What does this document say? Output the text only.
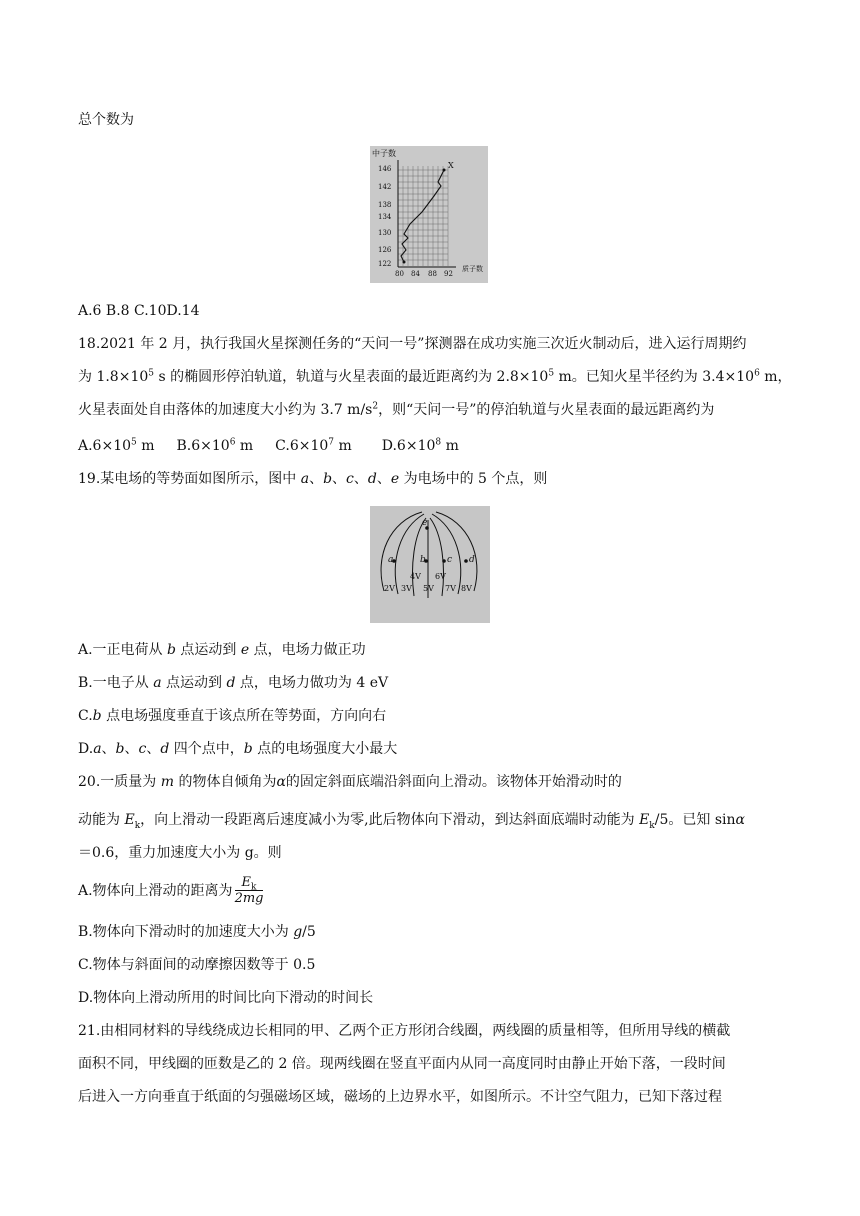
总个数为
中子数
质子数
X
146
142
138
134
130
126
122
80 84 88 92
A.6 B.8 C.10D.14
18.2021 年 2 月，执行我国火星探测任务的“天问一号”探测器在成功实施三次近火制动后，进入运行周期约
为 $1.8\times 10^5$ s 的椭圆形停泊轨道，轨道与火星表面的最近距离约为 $2.8\times 10^5$ m。已知火星半径约为 $3.4\times 10^6$ m，
火星表面处自由落体的加速度大小约为 3.7 $m/s^2$，则“天问一号”的停泊轨道与火星表面的最远距离约为
$A.6\times 10^5$ m $B.6\times 10^6$ m $C.6\times 10^7$ m $D.6\times 10^8$ m
19.某电场的等势面如图所示，图中 a、b、c、d、e 为电场中的 5 个点，则
a	b c d
e
4V 6V
2V 3V 5V 7V 8V
A.一正电荷从 b 点运动到 e 点，电场力做正功
B.一电子从 a 点运动到 d 点，电场力做功为 4 eV
C.b 点电场强度垂直于该点所在等势面，方向向右
D.a、b、c、d 四个点中，b 点的电场强度大小最大
20.一质量为 m 的物体自倾角为α的固定斜面底端沿斜面向上滑动。该物体开始滑动时的
动能为 $E_k$，向上滑动一段距离后速度减小为零,此后物体向下滑动，到达斜面底端时动能为 $E_k/5$。已知 sinα
＝0.6，重力加速度大小为 g。则
A.物体向上滑动的距离为 $\frac{E_k}{2mg}$
B.物体向下滑动时的加速度大小为 g/5
C.物体与斜面间的动摩擦因数等于 0.5
D.物体向上滑动所用的时间比向下滑动的时间长
21.由相同材料的导线绕成边长相同的甲、乙两个正方形闭合线圈，两线圈的质量相等，但所用导线的横截
面积不同，甲线圈的匝数是乙的 2 倍。现两线圈在竖直平面内从同一高度同时由静止开始下落，一段时间
后进入一方向垂直于纸面的匀强磁场区域，磁场的上边界水平，如图所示。不计空气阻力，已知下落过程
